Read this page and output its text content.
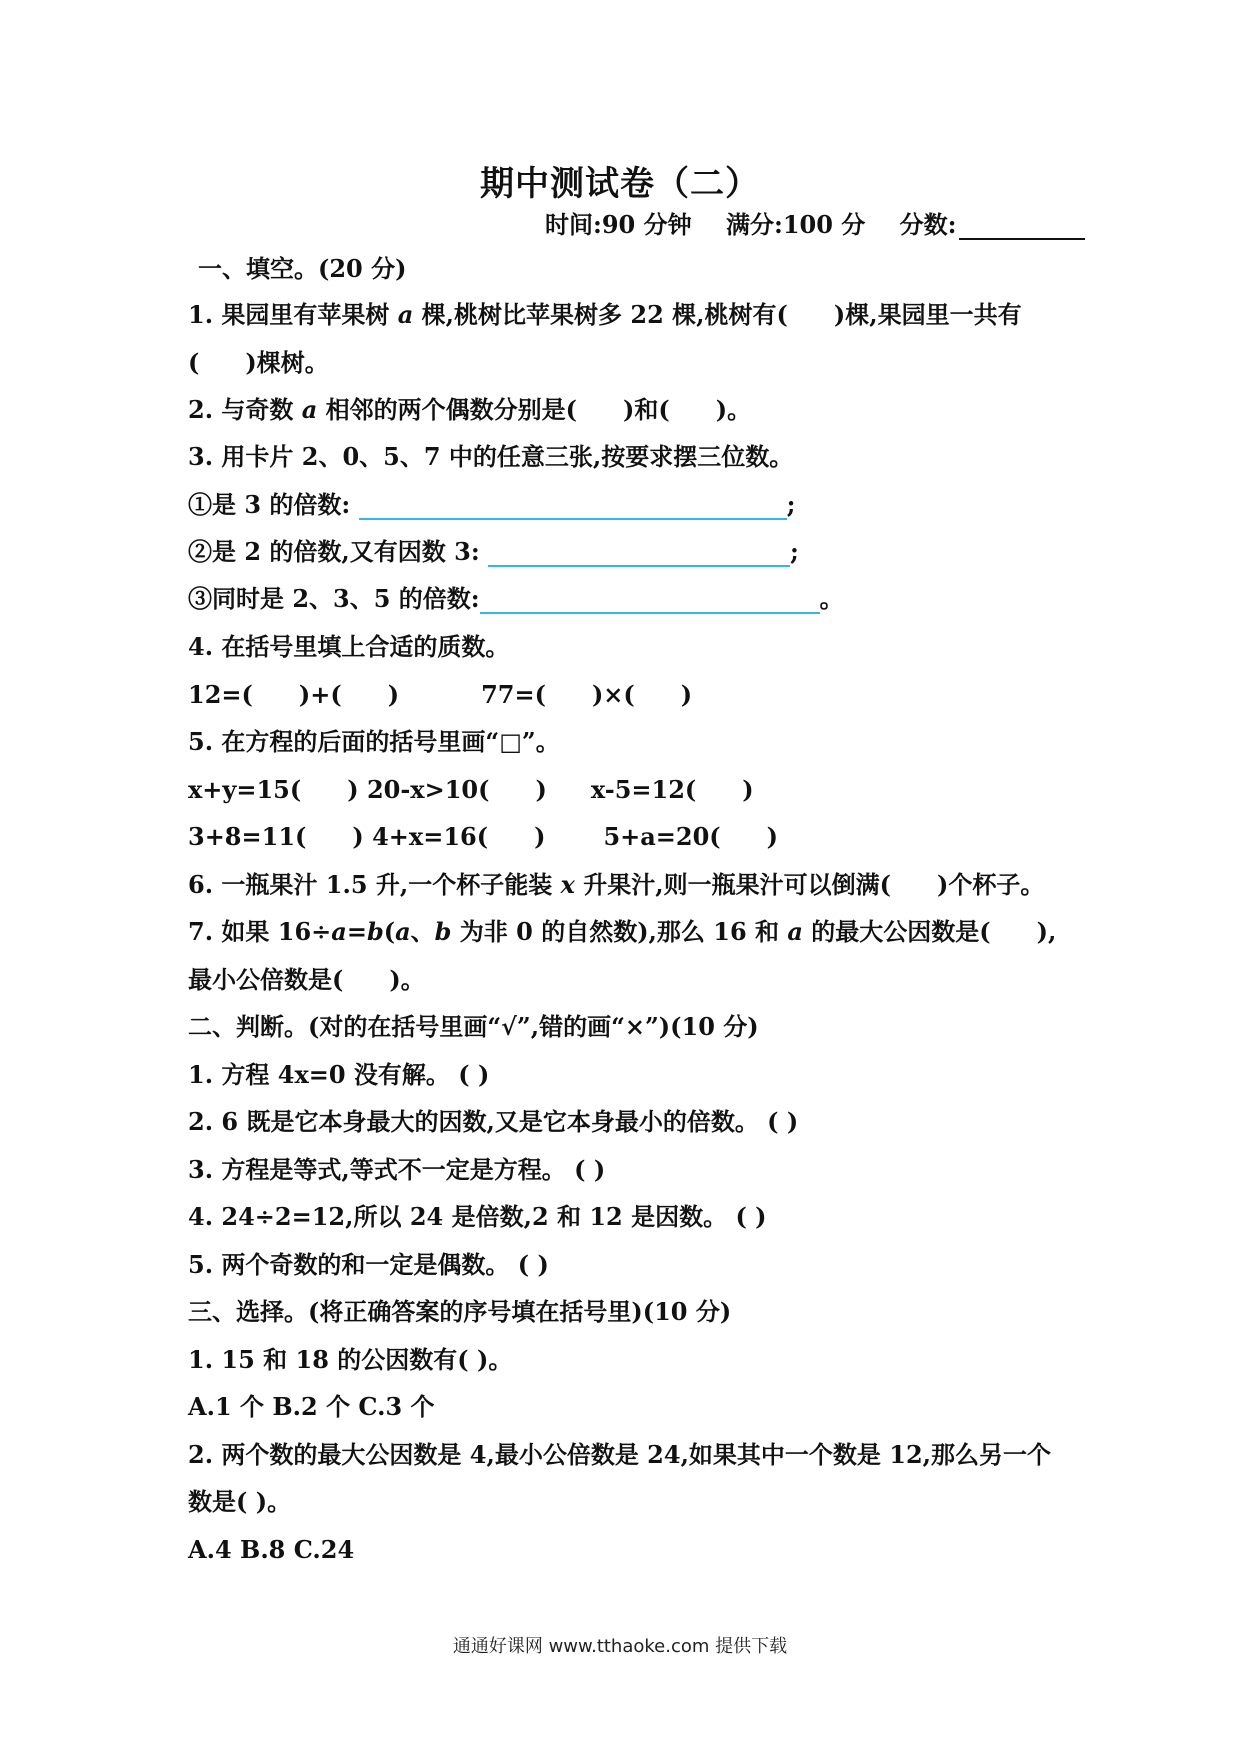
期中测试卷（二）
时间:90 分钟 满分:100 分 分数:
一、填空。(20 分)
1. 果园里有苹果树 a 棵,桃树比苹果树多 22 棵,桃树有( )棵,果园里一共有
( )棵树。
2. 与奇数 a 相邻的两个偶数分别是( )和( )。
3. 用卡片 2、0、5、7 中的任意三张,按要求摆三位数。
①是 3 的倍数:	;
②是 2 的倍数,又有因数 3:	;
③同时是 2、3、5 的倍数:	。
4. 在括号里填上合适的质数。
12=( )+( )	77=( )×( )
5. 在方程的后面的括号里画“□”。
x+y=15( ) 20-x>10( ) x-5=12( )
3+8=11( ) 4+x=16( ) 5+a=20( )
6. 一瓶果汁 1.5 升,一个杯子能装 x 升果汁,则一瓶果汁可以倒满( )个杯子。
7. 如果 16÷a=b(a、b 为非 0 的自然数),那么 16 和 a 的最大公因数是( ),
最小公倍数是( )。
二、判断。(对的在括号里画“√”,错的画“×”)(10 分)
1. 方程 4x=0 没有解。 ( )
2. 6 既是它本身最大的因数,又是它本身最小的倍数。 ( )
3. 方程是等式,等式不一定是方程。 ( )
4. 24÷2=12,所以 24 是倍数,2 和 12 是因数。 ( )
5. 两个奇数的和一定是偶数。 ( )
三、选择。(将正确答案的序号填在括号里)(10 分)
1. 15 和 18 的公因数有( )。
A.1 个 B.2 个 C.3 个
2. 两个数的最大公因数是 4,最小公倍数是 24,如果其中一个数是 12,那么另一个
数是( )。
A.4 B.8 C.24
通通好课网 www.tthaoke.com 提供下载
